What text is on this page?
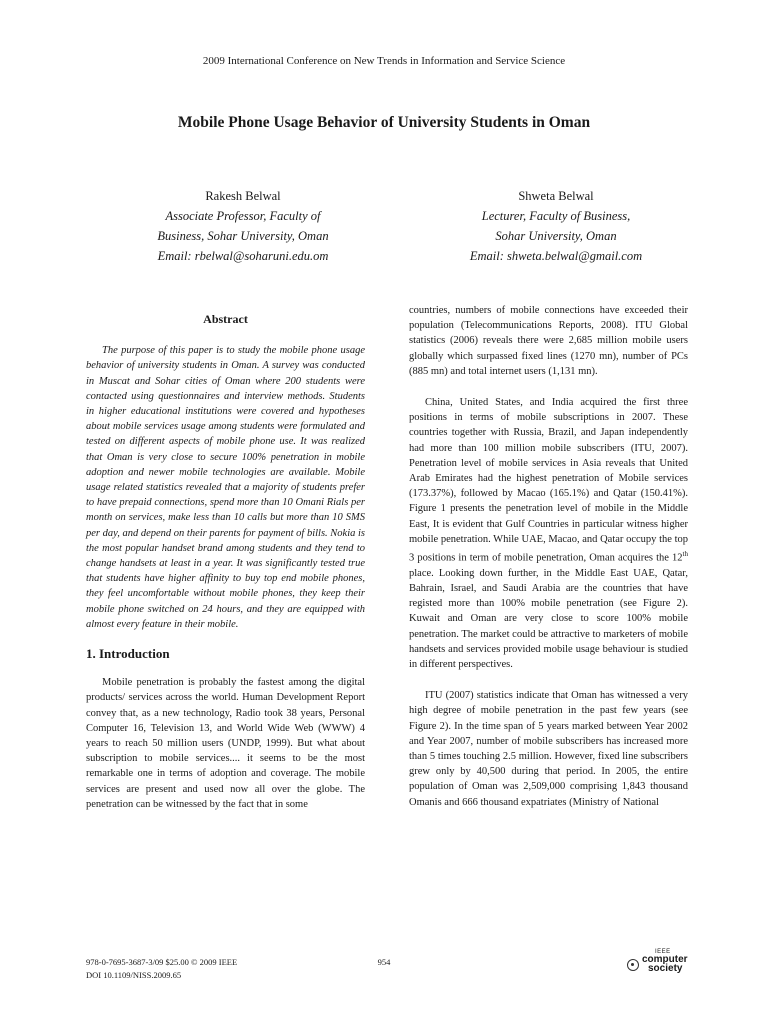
2009 International Conference on New Trends in Information and Service Science
Mobile Phone Usage Behavior of University Students in Oman
Rakesh Belwal
Associate Professor, Faculty of
Business, Sohar University, Oman
Email: rbelwal@soharuni.edu.om
Shweta Belwal
Lecturer, Faculty of Business,
Sohar University, Oman
Email: shweta.belwal@gmail.com
Abstract

The purpose of this paper is to study the mobile phone usage behavior of university students in Oman. A survey was conducted in Muscat and Sohar cities of Oman where 200 students were contacted using questionnaires and interview methods. Students in higher educational institutions were covered and hypotheses about mobile services usage among students were formulated and tested on different aspects of mobile phone use. It was realized that Oman is very close to secure 100% penetration in mobile adoption and newer mobile technologies are available. Mobile usage related statistics revealed that a majority of students prefer to have prepaid connections, spend more than 10 Omani Rials per month on services, make less than 10 calls but more than 10 SMS per day, and depend on their parents for payment of bills. Nokia is the most popular handset brand among students and they tend to change handsets at least in a year. It was significantly tested true that students have higher affinity to buy top end mobile phones, they feel uncomfortable without mobile phones, they keep their mobile phone switched on 24 hours, and they are equipped with almost every feature in their mobile.

1. Introduction

Mobile penetration is probably the fastest among the digital products/ services across the world. Human Development Report convey that, as a new technology, Radio took 38 years, Personal Computer 16, Television 13, and World Wide Web (WWW) 4 years to reach 50 million users (UNDP, 1999). But what about subscription to mobile services.... it seems to be the most remarkable one in terms of adoption and coverage. The mobile services are present and used now all over the globe. The penetration can be witnessed by the fact that in some

countries, numbers of mobile connections have exceeded their population (Telecommunications Reports, 2008). ITU Global statistics (2006) reveals there were 2,685 million mobile users globally which surpassed fixed lines (1270 mn), number of PCs (885 mn) and total internet users (1,131 mn).

China, United States, and India acquired the first three positions in terms of mobile subscriptions in 2007. These countries together with Russia, Brazil, and Japan independently had more than 100 million mobile subscribers (ITU, 2007). Penetration level of mobile services in Asia reveals that United Arab Emirates had the highest penetration of Mobile services (173.37%), followed by Macao (165.1%) and Qatar (150.41%). Figure 1 presents the penetration level of mobile in the Middle East, It is evident that Gulf Countries in particular witness higher mobile penetration. While UAE, Macao, and Qatar occupy the top 3 positions in term of mobile penetration, Oman acquires the 12th place. Looking down further, in the Middle East UAE, Qatar, Bahrain, Israel, and Saudi Arabia are the countries that have registed more than 100% mobile penetration (see Figure 2). Kuwait and Oman are very close to score 100% mobile penetration. The market could be attractive to marketers of mobile handsets and services provided mobile usage behaviour is studied in different perspectives.

ITU (2007) statistics indicate that Oman has witnessed a very high degree of mobile penetration in the past few years (see Figure 2). In the time span of 5 years marked between Year 2002 and Year 2007, number of mobile subscribers has increased more than 5 times touching 2.5 million. However, fixed line subscribers grew only by 40,500 during that period. In 2005, the entire population of Oman was 2,509,000 comprising 1,843 thousand Omanis and 666 thousand expatriates (Ministry of National

978-0-7695-3687-3/09 $25.00 © 2009 IEEE
DOI 10.1109/NISS.2009.65
954
IEEE
computer
society
